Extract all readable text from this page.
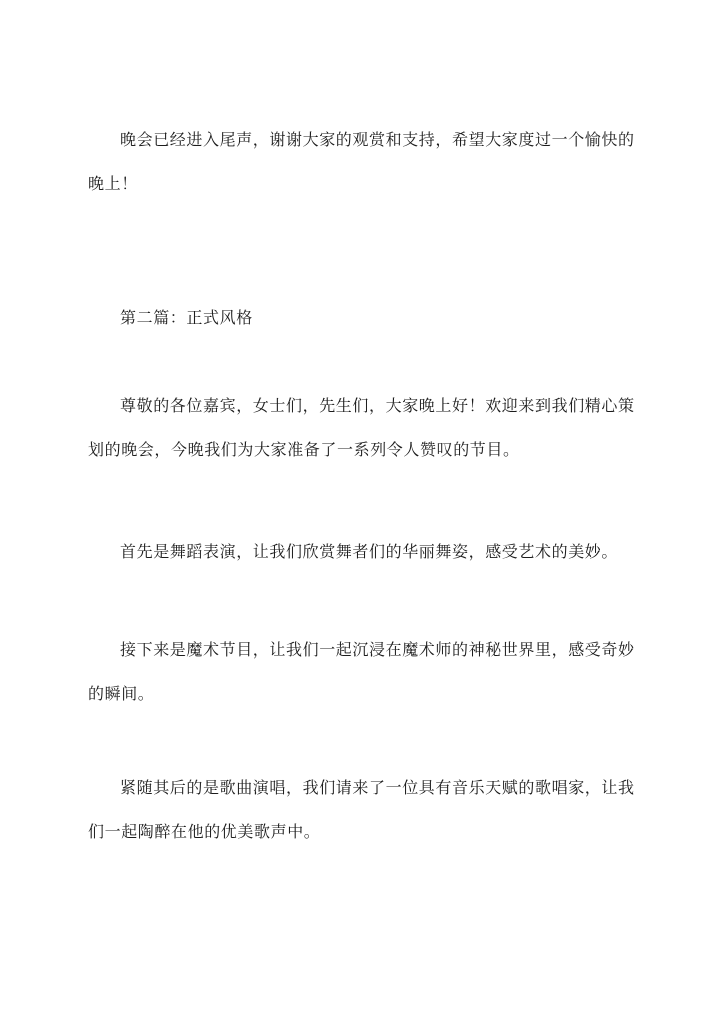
晚会已经进入尾声，谢谢大家的观赏和支持，希望大家度过一个愉快的晚上！

第二篇：正式风格

尊敬的各位嘉宾，女士们，先生们，大家晚上好！欢迎来到我们精心策划的晚会，今晚我们为大家准备了一系列令人赞叹的节目。

首先是舞蹈表演，让我们欣赏舞者们的华丽舞姿，感受艺术的美妙。

接下来是魔术节目，让我们一起沉浸在魔术师的神秘世界里，感受奇妙的瞬间。

紧随其后的是歌曲演唱，我们请来了一位具有音乐天赋的歌唱家，让我们一起陶醉在他的优美歌声中。
